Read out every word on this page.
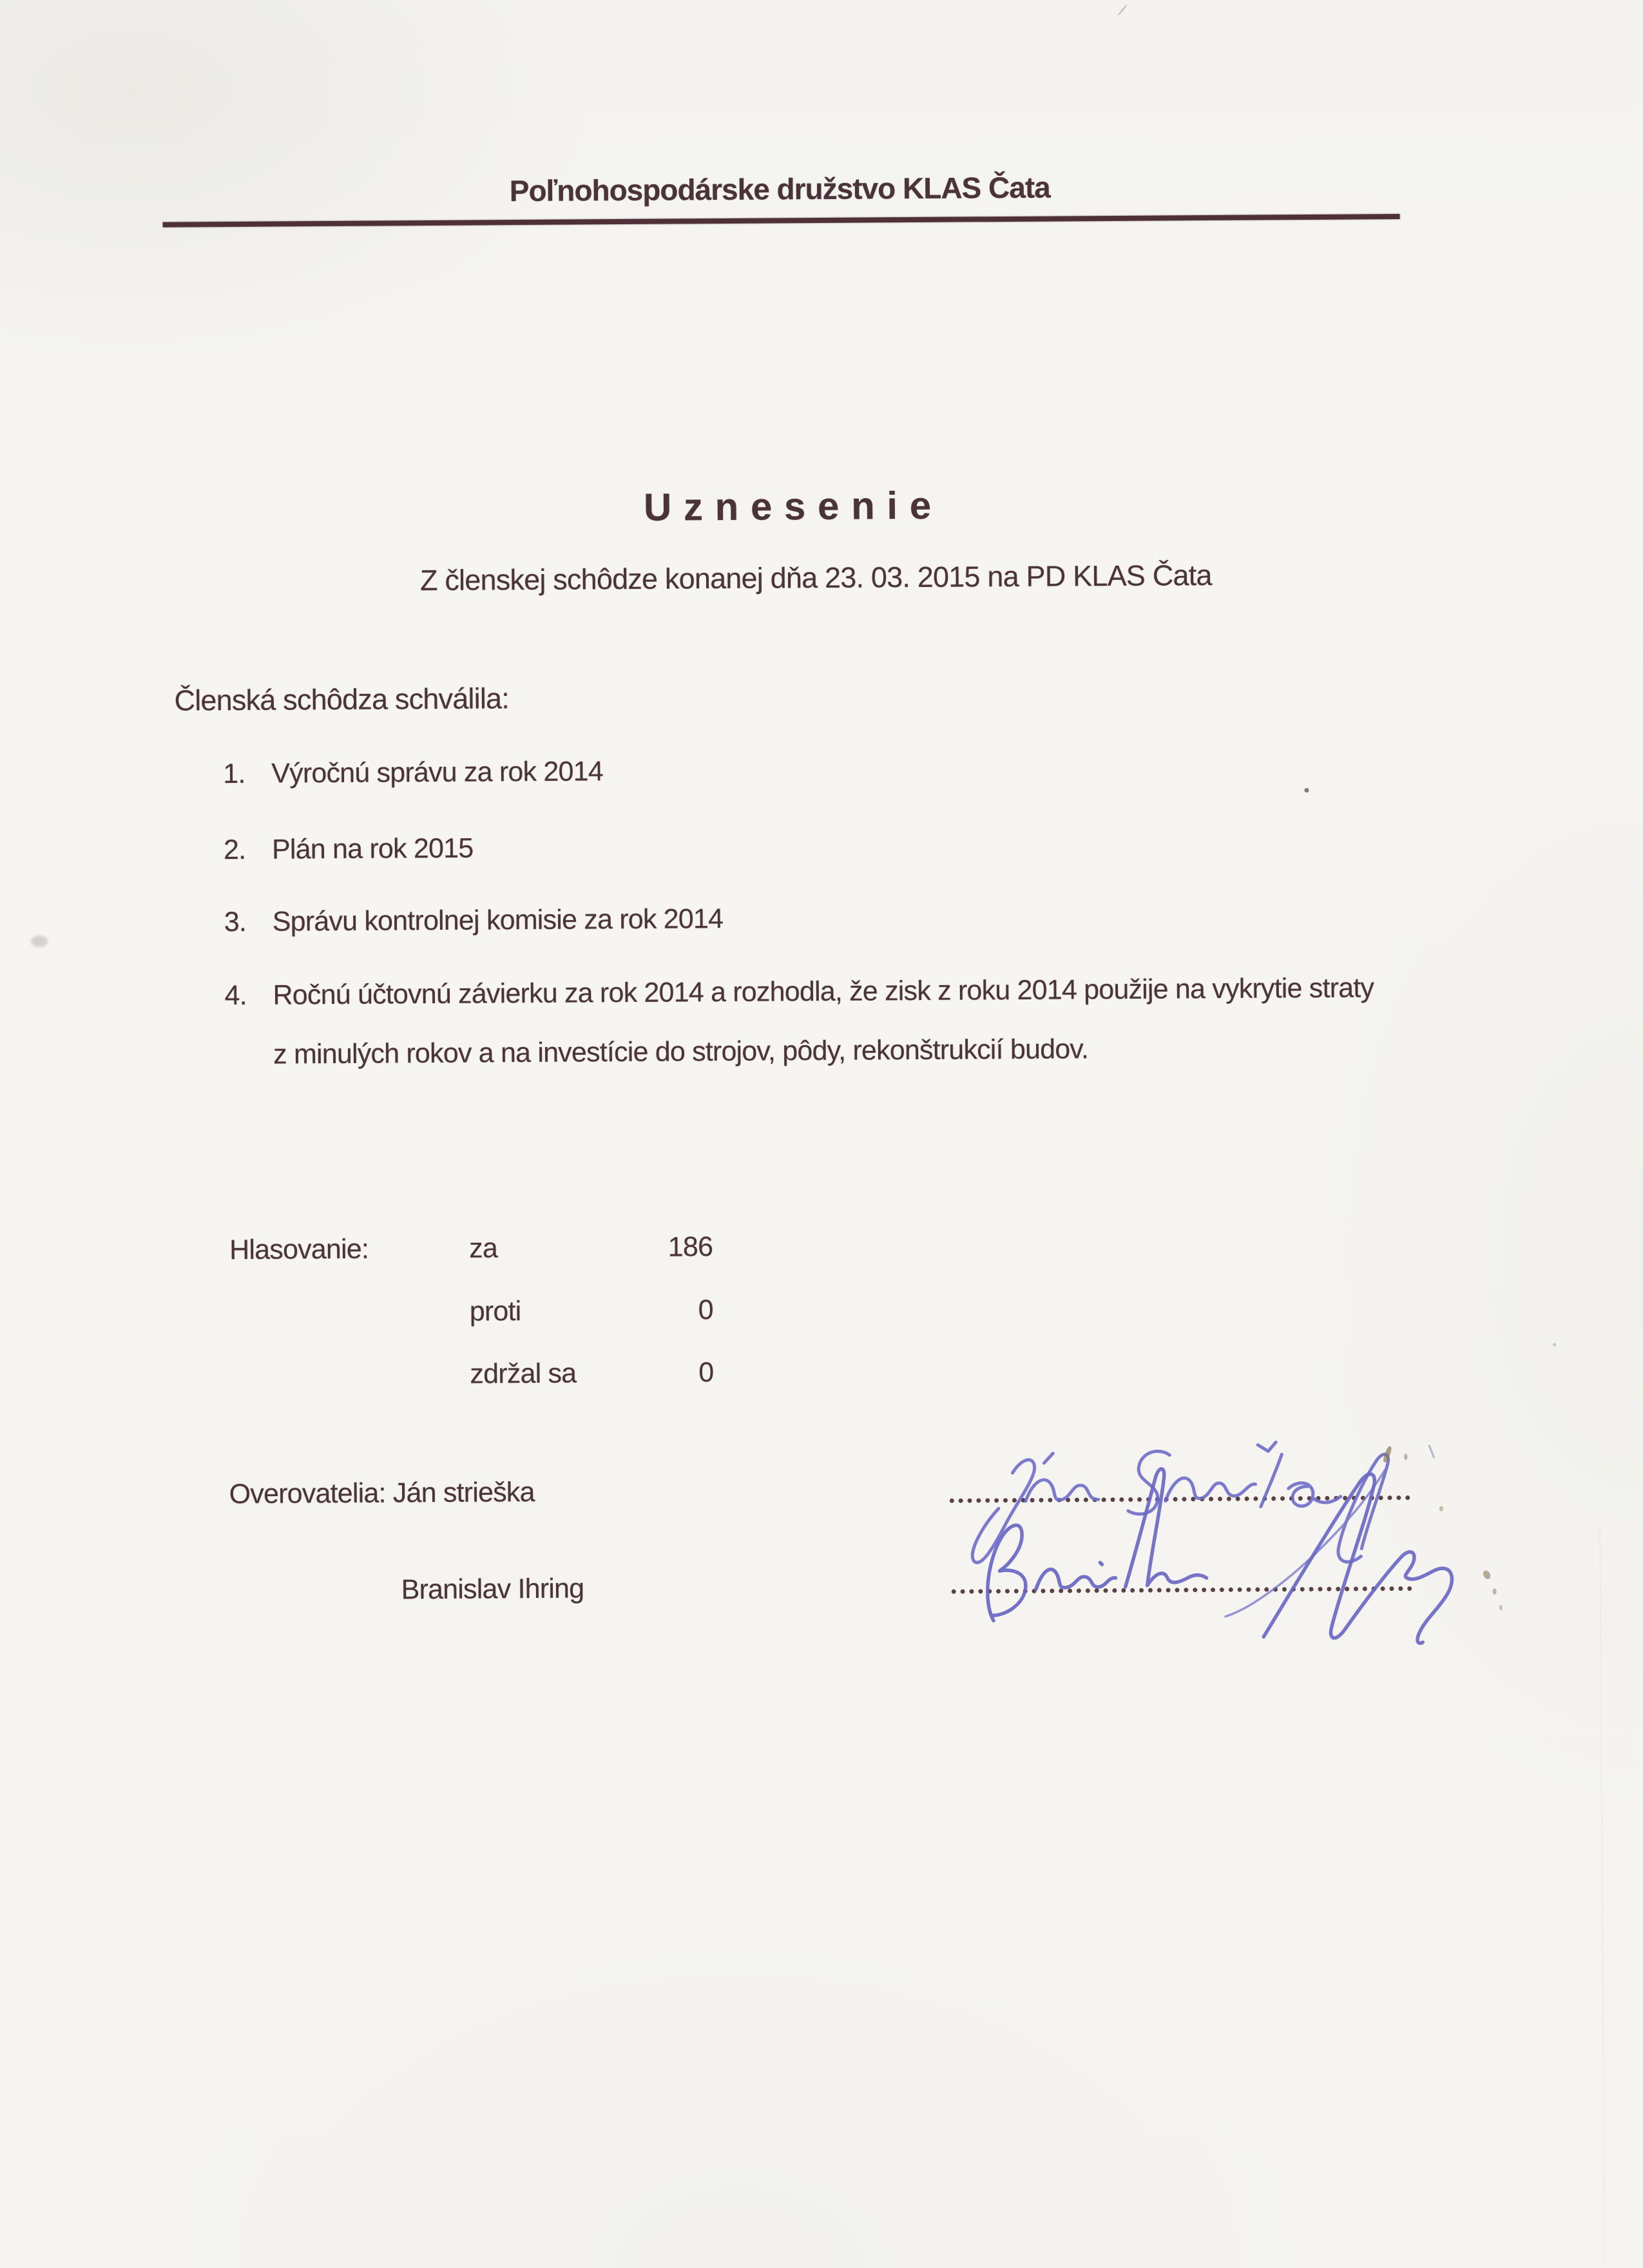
Poľnohospodárske družstvo KLAS Čata
U z n e s e n i e
Z členskej schôdze konanej dňa 23. 03. 2015 na PD KLAS Čata
Členská schôdza schválila:
1. Výročnú správu za rok 2014
2. Plán na rok 2015
3. Správu kontrolnej komisie za rok 2014
4. Ročnú účtovnú závierku za rok 2014 a rozhodla, že zisk z roku 2014 použije na vykrytie straty
z minulých rokov a na investície do strojov, pôdy, rekonštrukcií budov.
Hlasovanie:	za	186
proti	0
zdržal sa	0
Overovatelia: Ján strieška
Branislav Ihring
